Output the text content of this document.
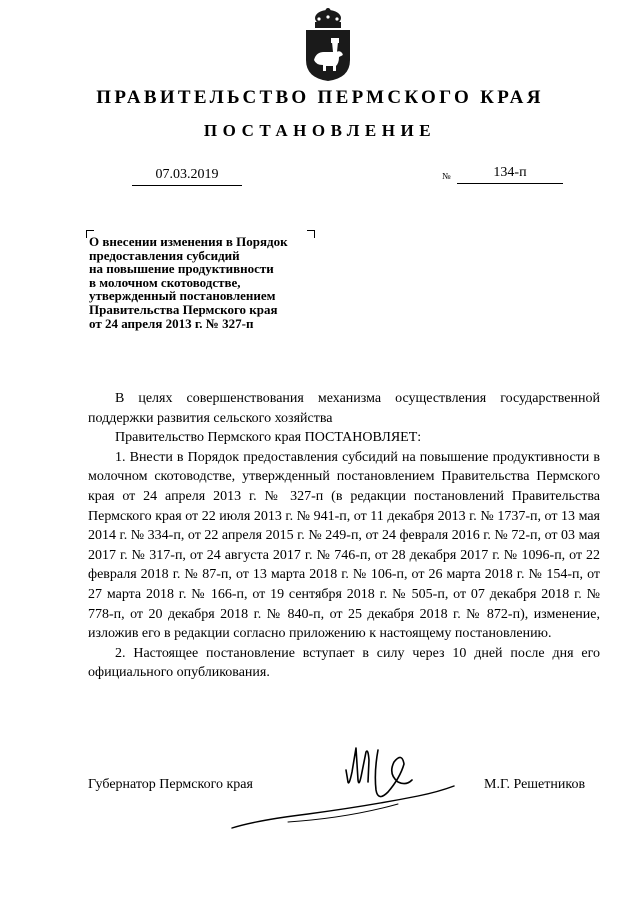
ПРАВИТЕЛЬСТВО ПЕРМСКОГО КРАЯ
ПОСТАНОВЛЕНИЕ
07.03.2019	№	134-п
О внесении изменения в Порядок
предоставления субсидий
на повышение продуктивности
в молочном скотоводстве,
утвержденный постановлением
Правительства Пермского края
от 24 апреля 2013 г. № 327-п

В целях совершенствования механизма осуществления государственной поддержки развития сельского хозяйства

Правительство Пермского края ПОСТАНОВЛЯЕТ:

1. Внести в Порядок предоставления субсидий на повышение продуктивности в молочном скотоводстве, утвержденный постановлением Правительства Пермского края от 24 апреля 2013 г. № 327-п (в редакции постановлений Правительства Пермского края от 22 июля 2013 г. № 941-п, от 11 декабря 2013 г. № 1737-п, от 13 мая 2014 г. № 334-п, от 22 апреля 2015 г. № 249-п, от 24 февраля 2016 г. № 72-п, от 03 мая 2017 г. № 317-п, от 24 августа 2017 г. № 746-п, от 28 декабря 2017 г. № 1096-п, от 22 февраля 2018 г. № 87-п, от 13 марта 2018 г. № 106-п, от 26 марта 2018 г. № 154-п, от 27 марта 2018 г. № 166-п, от 19 сентября 2018 г. № 505-п, от 07 декабря 2018 г. № 778-п, от 20 декабря 2018 г. № 840-п, от 25 декабря 2018 г. № 872-п), изменение, изложив его в редакции согласно приложению к настоящему постановлению.

2. Настоящее постановление вступает в силу через 10 дней после дня его официального опубликования.

Губернатор Пермского края	М.Г. Решетников
